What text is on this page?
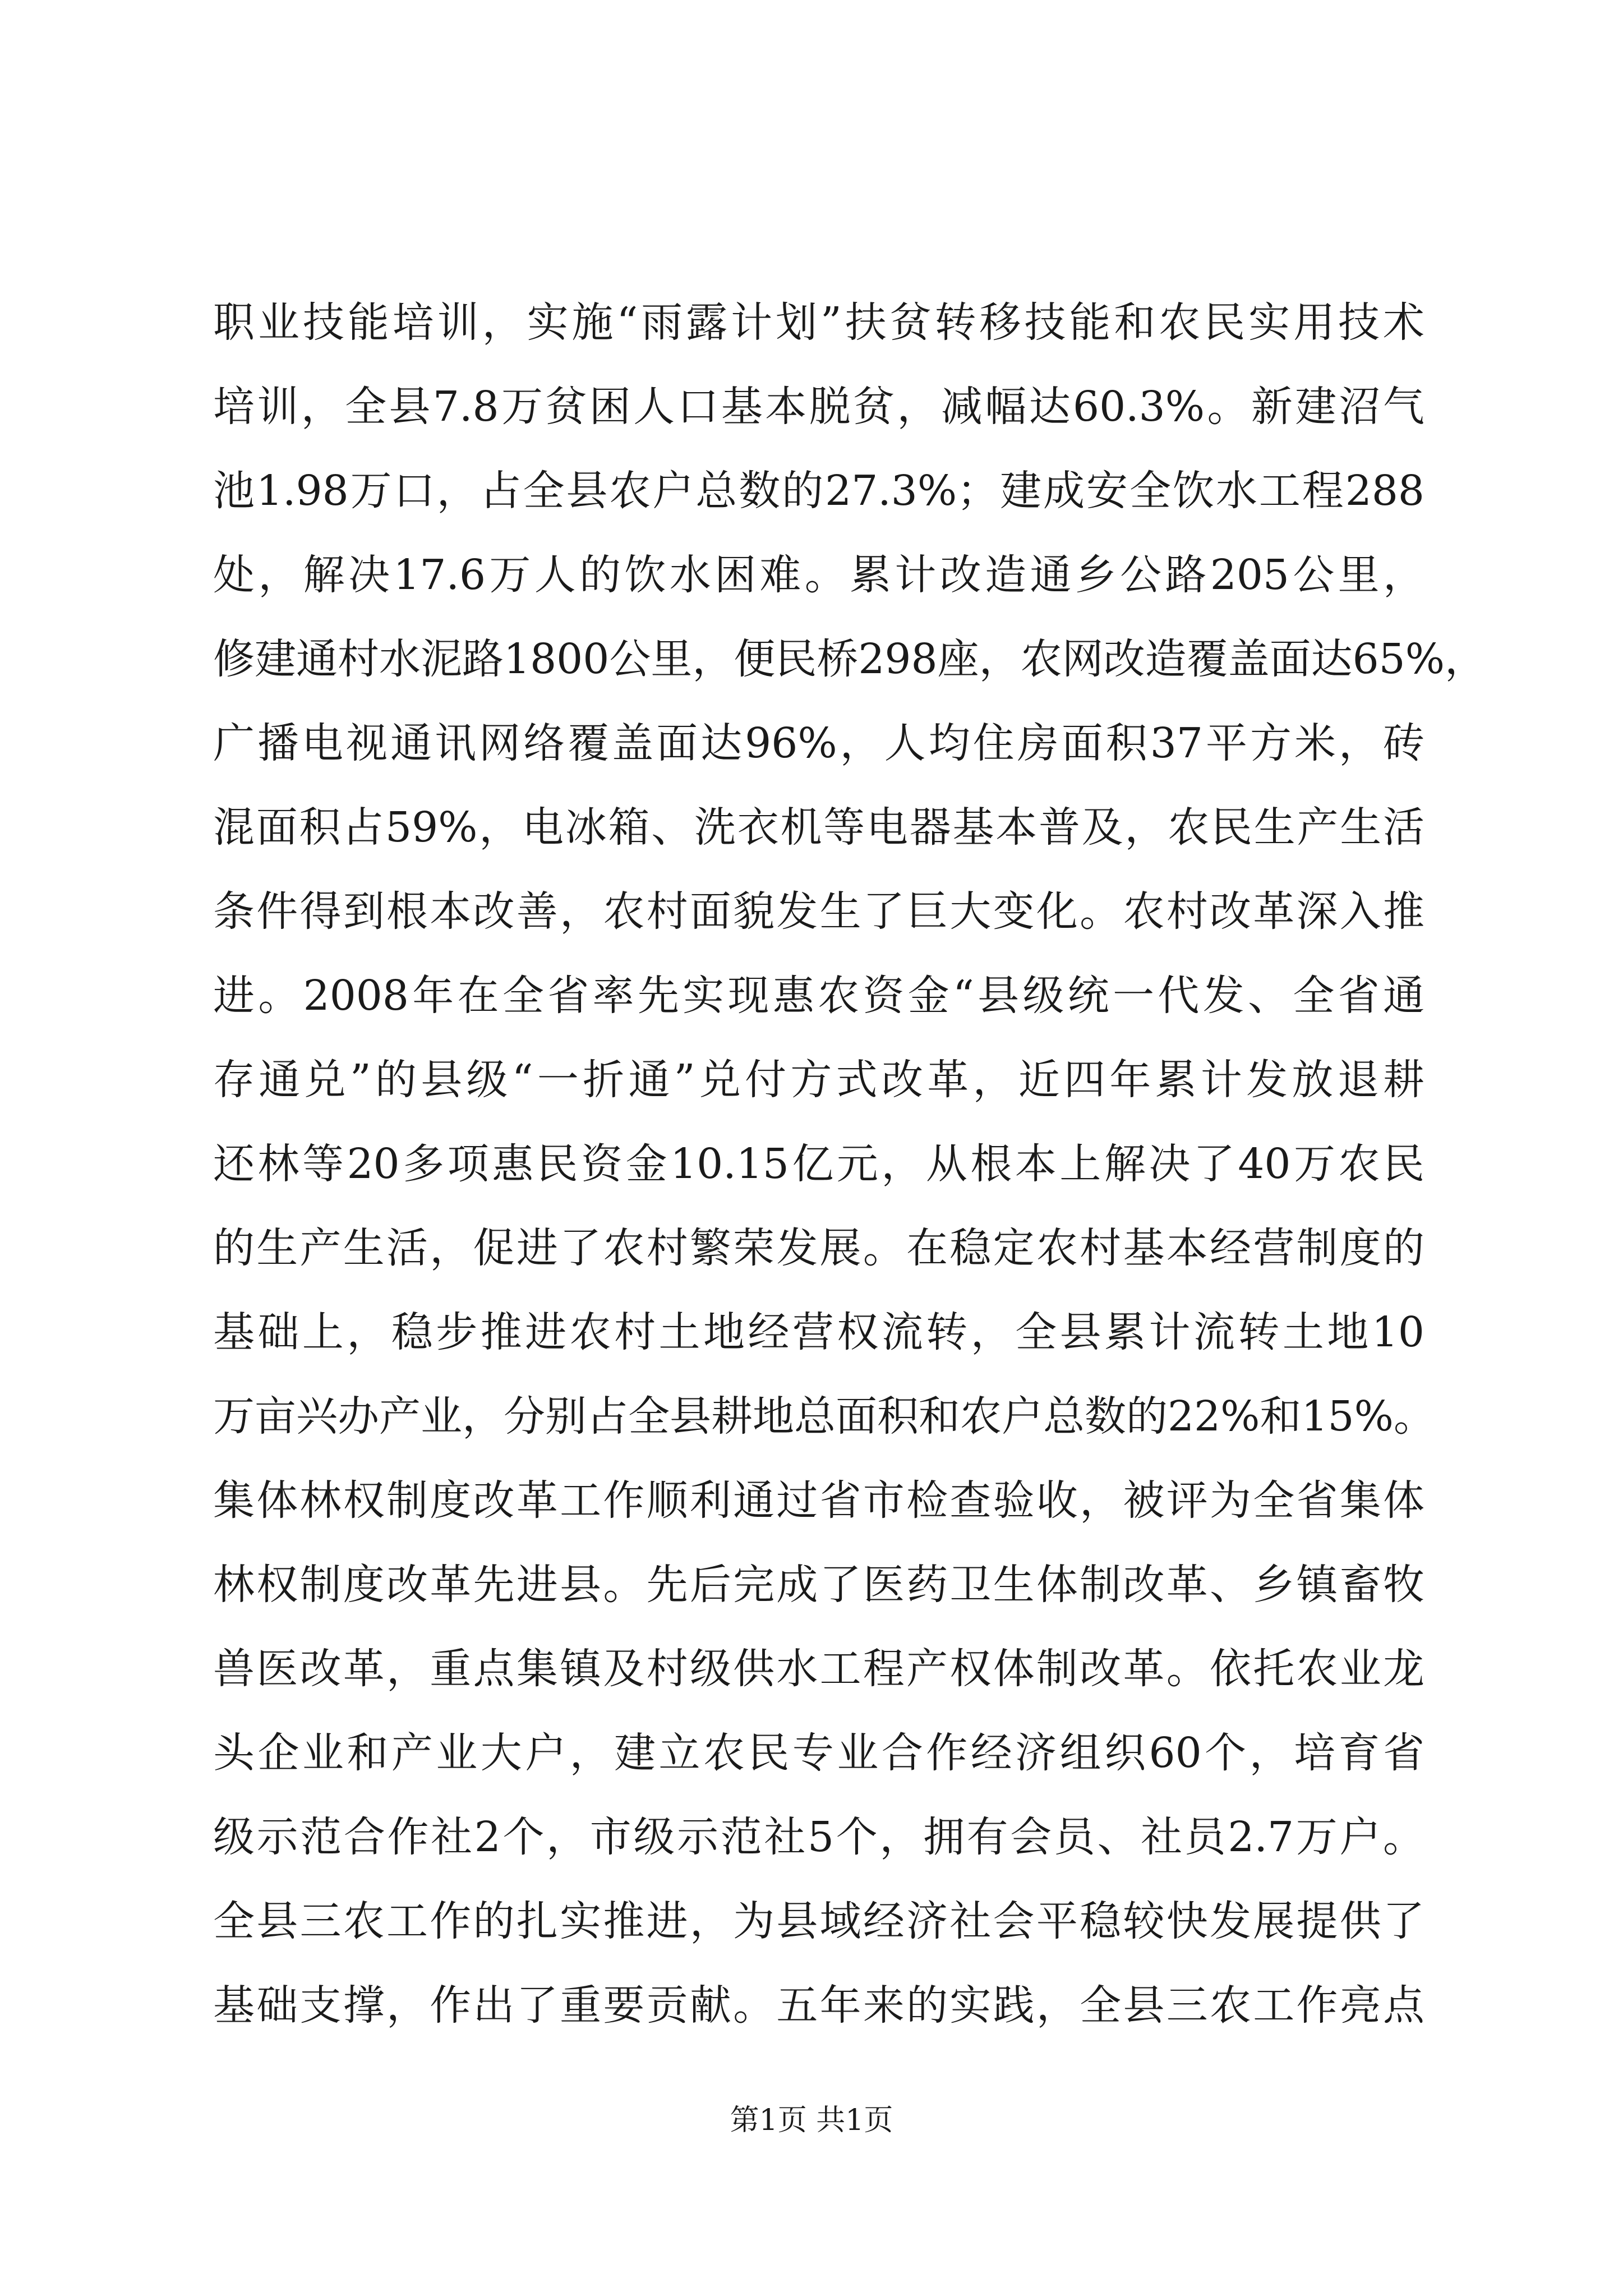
职业技能培训，实施“雨露计划”扶贫转移技能和农民实用技术
培训，全县7.8万贫困人口基本脱贫，减幅达60.3%。新建沼气
池1.98万口，占全县农户总数的27.3%；建成安全饮水工程288
处，解决17.6万人的饮水困难。累计改造通乡公路205公里，
修建通村水泥路1800公里，便民桥298座，农网改造覆盖面达65%，
广播电视通讯网络覆盖面达96%，人均住房面积37平方米，砖
混面积占59%，电冰箱、洗衣机等电器基本普及，农民生产生活
条件得到根本改善，农村面貌发生了巨大变化。农村改革深入推
进。2008年在全省率先实现惠农资金“县级统一代发、全省通
存通兑”的县级“一折通”兑付方式改革，近四年累计发放退耕
还林等20多项惠民资金10.15亿元，从根本上解决了40万农民
的生产生活，促进了农村繁荣发展。在稳定农村基本经营制度的
基础上，稳步推进农村土地经营权流转，全县累计流转土地10
万亩兴办产业，分别占全县耕地总面积和农户总数的22%和15%。
集体林权制度改革工作顺利通过省市检查验收，被评为全省集体
林权制度改革先进县。先后完成了医药卫生体制改革、乡镇畜牧
兽医改革，重点集镇及村级供水工程产权体制改革。依托农业龙
头企业和产业大户，建立农民专业合作经济组织60个，培育省
级示范合作社2个，市级示范社5个，拥有会员、社员2.7万户。
全县三农工作的扎实推进，为县域经济社会平稳较快发展提供了
基础支撑，作出了重要贡献。五年来的实践，全县三农工作亮点
第1页 共1页
